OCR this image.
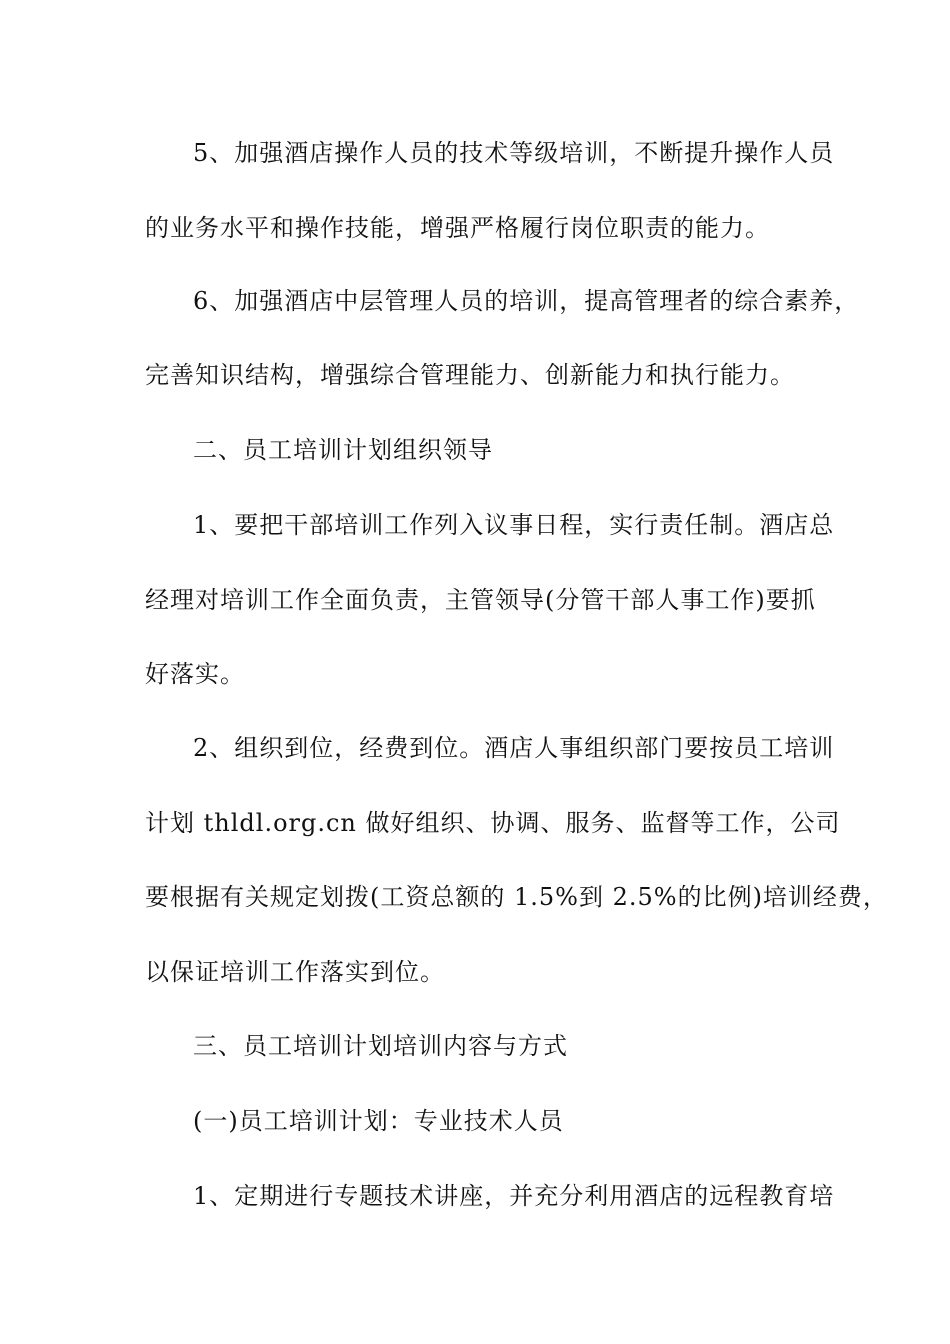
5、加强酒店操作人员的技术等级培训，不断提升操作人员
的业务水平和操作技能，增强严格履行岗位职责的能力。
6、加强酒店中层管理人员的培训，提高管理者的综合素养，
完善知识结构，增强综合管理能力、创新能力和执行能力。
二、员工培训计划组织领导
1、要把干部培训工作列入议事日程，实行责任制。酒店总
经理对培训工作全面负责，主管领导(分管干部人事工作)要抓
好落实。
2、组织到位，经费到位。酒店人事组织部门要按员工培训
计划 thldl.org.cn 做好组织、协调、服务、监督等工作，公司
要根据有关规定划拨(工资总额的 1.5%到 2.5%的比例)培训经费，
以保证培训工作落实到位。
三、员工培训计划培训内容与方式
(一)员工培训计划：专业技术人员
1、定期进行专题技术讲座，并充分利用酒店的远程教育培
